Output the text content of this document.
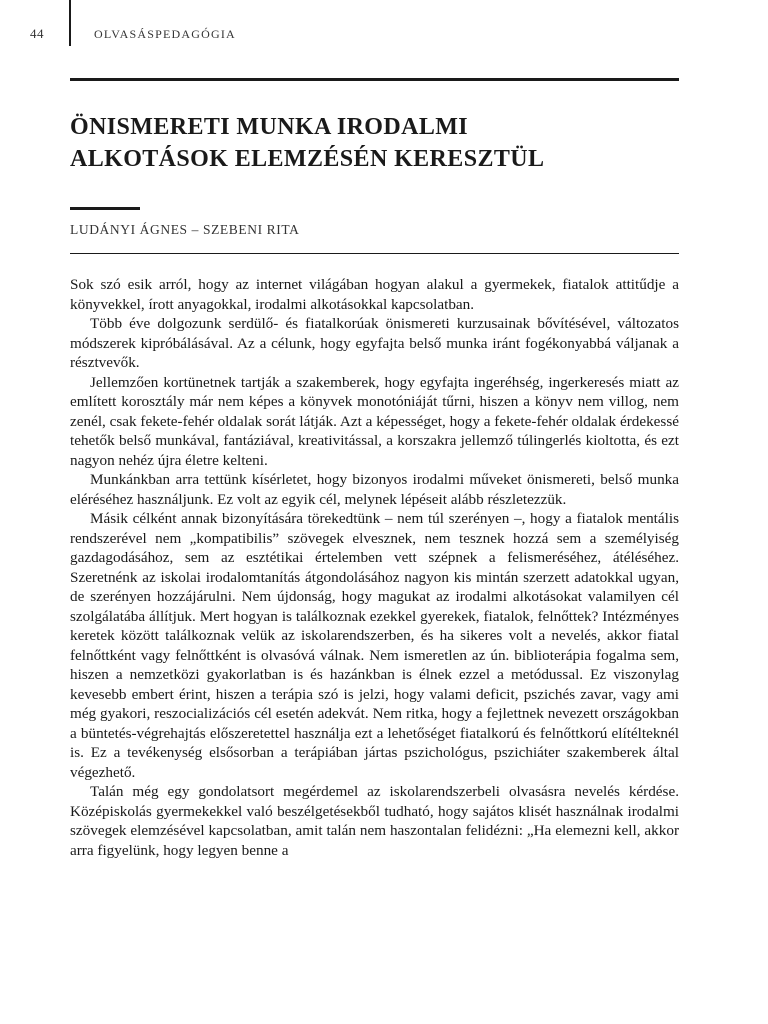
44	OLVASÁSPEDAGÓGIA
ÖNISMERETI MUNKA IRODALMI
ALKOTÁSOK ELEMZÉSÉN KERESZTÜL
LUDÁNYI ÁGNES – SZEBENI RITA

Sok szó esik arról, hogy az internet világában hogyan alakul a gyermekek, fiatalok attitűdje a könyvekkel, írott anyagokkal, irodalmi alkotásokkal kapcsolatban.

Több éve dolgozunk serdülő- és fiatalkorúak önismereti kurzusainak bővítésével, változatos módszerek kipróbálásával. Az a célunk, hogy egyfajta belső munka iránt fogékonyabbá váljanak a résztvevők.

Jellemzően kortünetnek tartják a szakemberek, hogy egyfajta ingeréhség, ingerkeresés miatt az említett korosztály már nem képes a könyvek monotóniáját tűrni, hiszen a könyv nem villog, nem zenél, csak fekete-fehér oldalak sorát látják. Azt a képességet, hogy a fekete-fehér oldalak érdekessé tehetők belső munkával, fantáziával, kreativitással, a korszakra jellemző túlingerlés kioltotta, és ezt nagyon nehéz újra életre kelteni.

Munkánkban arra tettünk kísérletet, hogy bizonyos irodalmi műveket önismereti, belső munka eléréséhez használjunk. Ez volt az egyik cél, melynek lépéseit alább részletezzük.

Másik célként annak bizonyítására törekedtünk – nem túl szerényen –, hogy a fiatalok mentális rendszerével nem „kompatibilis” szövegek elvesznek, nem tesznek hozzá sem a személyiség gazdagodásához, sem az esztétikai értelemben vett szépnek a felismeréséhez, átéléséhez. Szeretnénk az iskolai irodalomtanítás átgondolásához nagyon kis mintán szerzett adatokkal ugyan, de szerényen hozzájárulni. Nem újdonság, hogy magukat az irodalmi alkotásokat valamilyen cél szolgálatába állítjuk. Mert hogyan is találkoznak ezekkel gyerekek, fiatalok, felnőttek? Intézményes keretek között találkoznak velük az iskolarendszerben, és ha sikeres volt a nevelés, akkor fiatal felnőttként vagy felnőttként is olvasóvá válnak. Nem ismeretlen az ún. biblioterápia fogalma sem, hiszen a nemzetközi gyakorlatban is és hazánkban is élnek ezzel a metódussal. Ez viszonylag kevesebb embert érint, hiszen a terápia szó is jelzi, hogy valami deficit, pszichés zavar, vagy ami még gyakori, reszocializációs cél esetén adekvát. Nem ritka, hogy a fejlettnek nevezett országokban a büntetés-végrehajtás előszeretettel használja ezt a lehetőséget fiatalkorú és felnőttkorú elítélteknél is. Ez a tevékenység elsősorban a terápiában jártas pszichológus, pszichiáter szakemberek által végezhető.

Talán még egy gondolatsort megérdemel az iskolarendszerbeli olvasásra nevelés kérdése. Középiskolás gyermekekkel való beszélgetésekből tudható, hogy sajátos klisét használnak irodalmi szövegek elemzésével kapcsolatban, amit talán nem haszontalan felidézni: „Ha elemezni kell, akkor arra figyelünk, hogy legyen benne a
